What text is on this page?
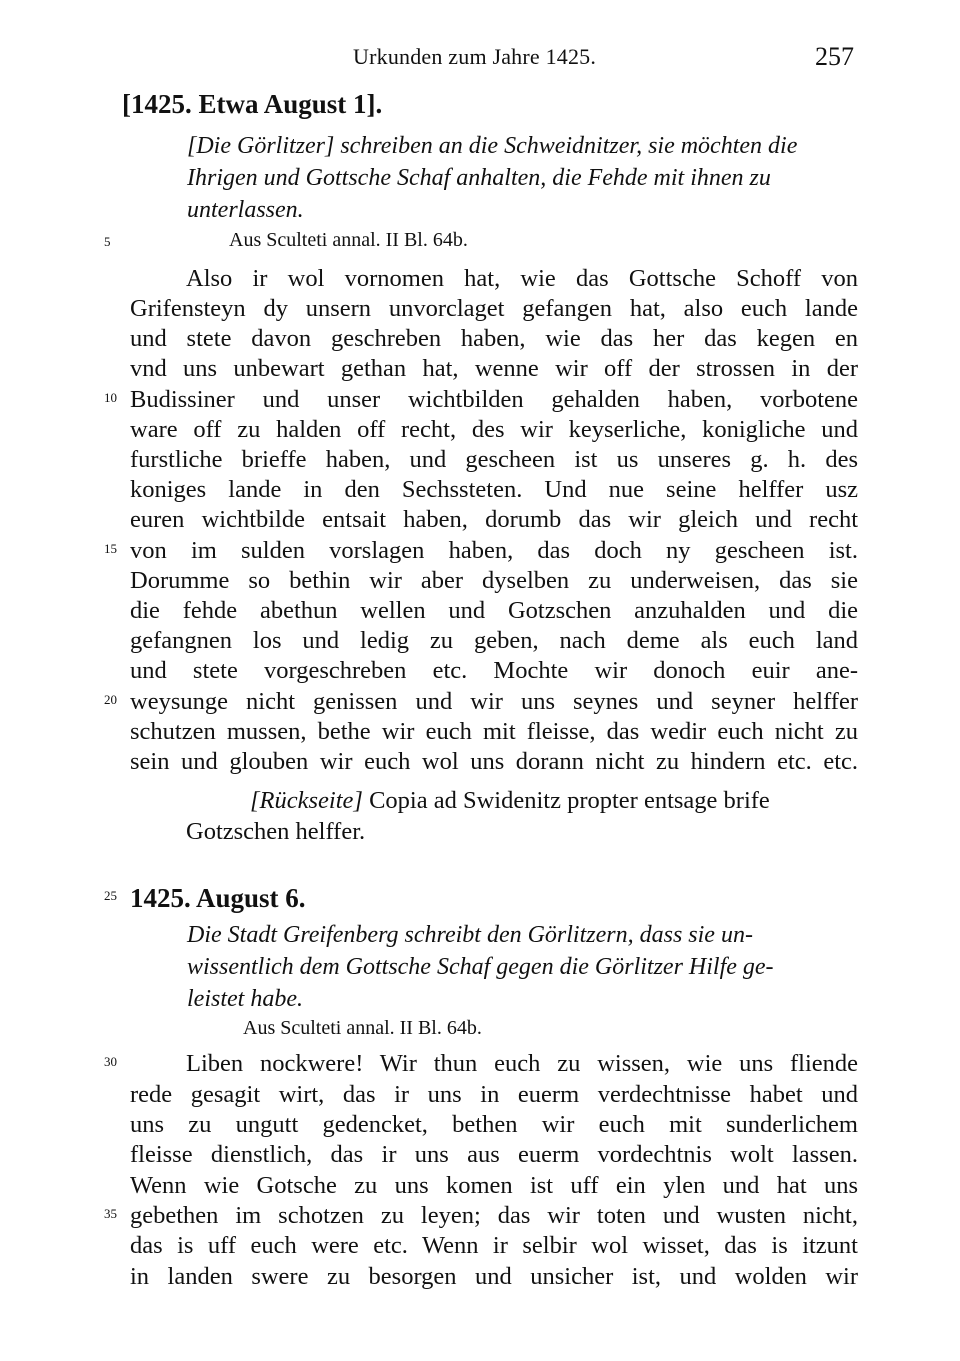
Urkunden zum Jahre 1425.	257
[1425. Etwa August 1].
[Die Görlitzer] schreiben an die Schweidnitzer, sie möchten die
Ihrigen und Gottsche Schaf anhalten, die Fehde mit ihnen zu
unterlassen.
Aus Sculteti annal. II Bl. 64b.
Also ir wol vornomen hat, wie das Gottsche Schoff von
Grifensteyn dy unsern unvorclaget gefangen hat, also euch lande
und stete davon geschreben haben, wie das her das kegen en
vnd uns unbewart gethan hat, wenne wir off der strossen in der
Budissiner und unser wichtbilden gehalden haben, vorbotene
ware off zu halden off recht, des wir keyserliche, konigliche und
furstliche brieffe haben, und gescheen ist us unseres g. h. des
koniges lande in den Sechssteten. Und nue seine helffer usz
euren wichtbilde entsait haben, dorumb das wir gleich und recht
von im sulden vorslagen haben, das doch ny gescheen ist.
Dorumme so bethin wir aber dyselben zu underweisen, das sie
die fehde abethun wellen und Gotzschen anzuhalden und die
gefangnen los und ledig zu geben, nach deme als euch land
und stete vorgeschreben etc. Mochte wir donoch euir ane-
weysunge nicht genissen und wir uns seynes und seyner helffer
schutzen mussen, bethe wir euch mit fleisse, das wedir euch nicht zu
sein und glouben wir euch wol uns dorann nicht zu hindern etc. etc.
[Rückseite] Copia ad Swidenitz propter entsage brife
Gotzschen helffer.
1425. August 6.
Die Stadt Greifenberg schreibt den Görlitzern, dass sie un-
wissentlich dem Gottsche Schaf gegen die Görlitzer Hilfe ge-
leistet habe.
Aus Sculteti annal. II Bl. 64b.
Liben nockwere! Wir thun euch zu wissen, wie uns fliende
rede gesagit wirt, das ir uns in euerm verdechtnisse habet und
uns zu ungutt gedencket, bethen wir euch mit sunderlichem
fleisse dienstlich, das ir uns aus euerm vordechtnis wolt lassen.
Wenn wie Gotsche zu uns komen ist uff ein ylen und hat uns
gebethen im schotzen zu leyen; das wir toten und wusten nicht,
das is uff euch were etc. Wenn ir selbir wol wisset, das is itzunt
in landen swere zu besorgen und unsicher ist, und wolden wir
5
10
15
20
25
30
35
